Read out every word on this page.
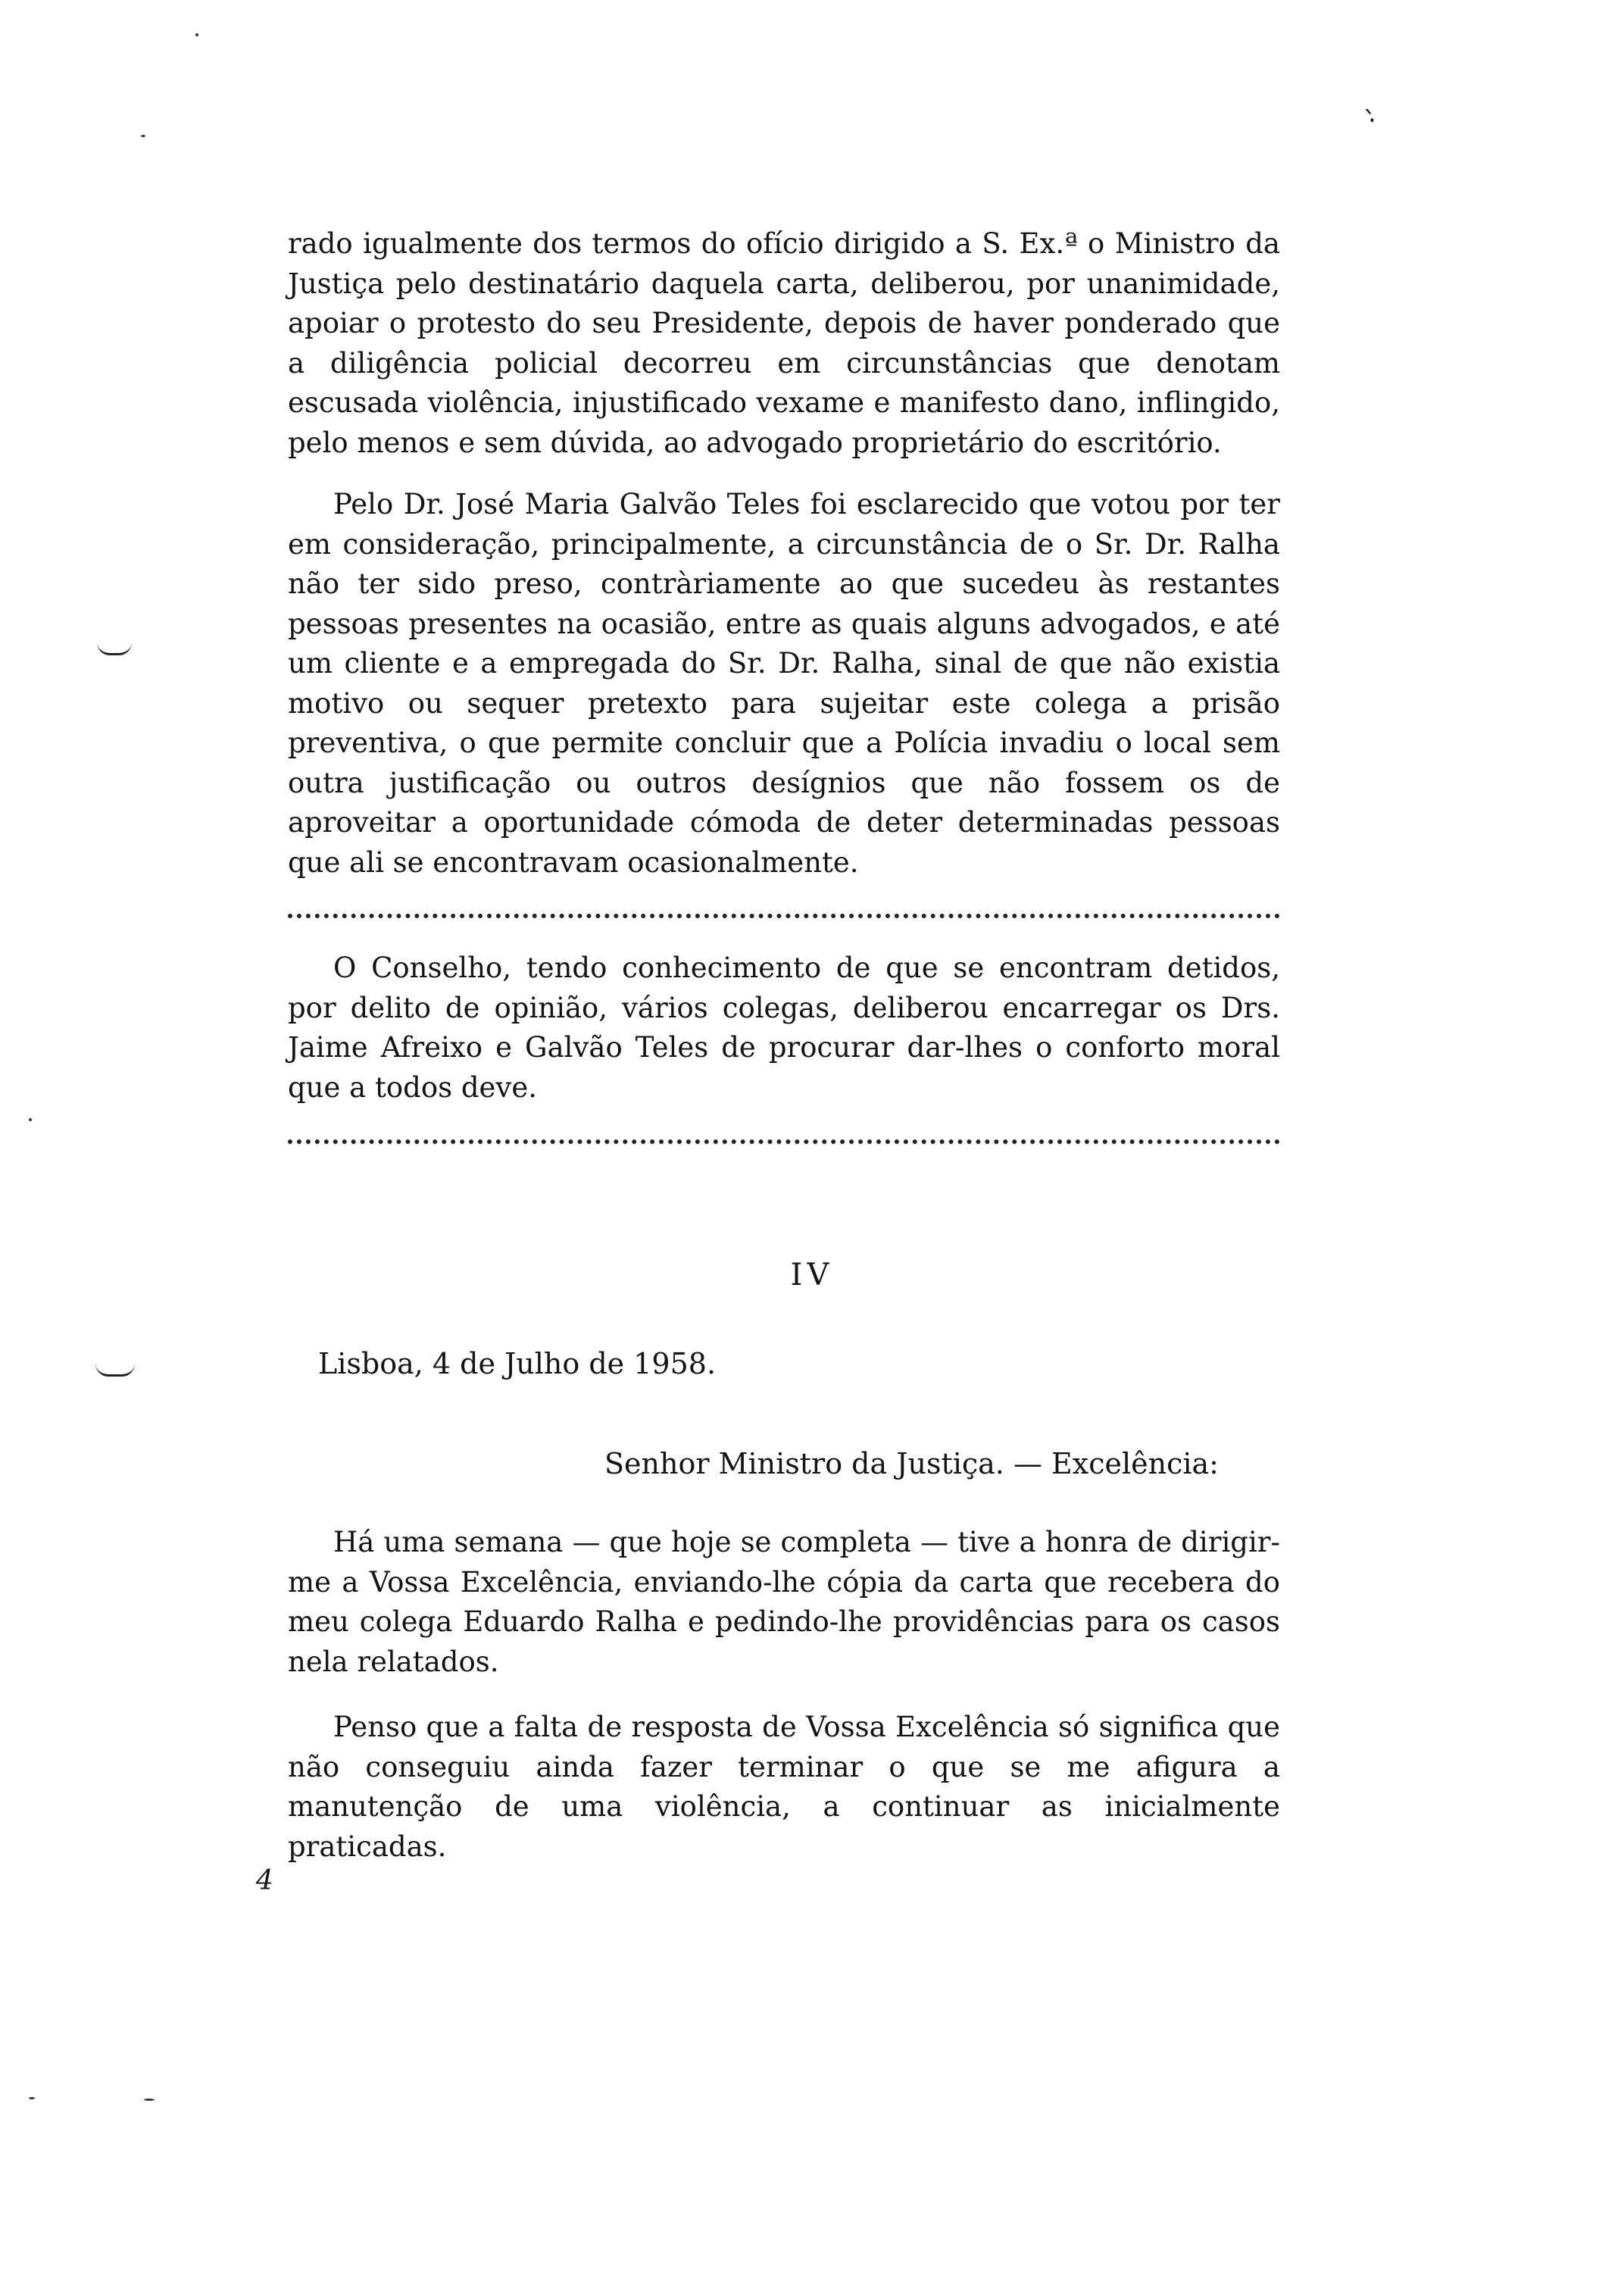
‧̀

rado igualmente dos termos do ofício dirigido a S. Ex.ª o Ministro da Justiça pelo destinatário daquela carta, deliberou, por unanimidade, apoiar o protesto do seu Presidente, depois de haver ponderado que a diligência policial decorreu em circunstâncias que denotam escusada violência, injustificado vexame e manifesto dano, inflingido, pelo menos e sem dúvida, ao advogado proprietário do escritório.

Pelo Dr. José Maria Galvão Teles foi esclarecido que votou por ter em consideração, principalmente, a circunstância de o Sr. Dr. Ralha não ter sido preso, contràriamente ao que sucedeu às restantes pessoas presentes na ocasião, entre as quais alguns advogados, e até um cliente e a empregada do Sr. Dr. Ralha, sinal de que não existia motivo ou sequer pretexto para sujeitar este colega a prisão preventiva, o que permite concluir que a Polícia invadiu o local sem outra justificação ou outros desígnios que não fossem os de aproveitar a oportunidade cómoda de deter determinadas pessoas que ali se encontravam ocasionalmente.

O Conselho, tendo conhecimento de que se encontram detidos, por delito de opinião, vários colegas, deliberou encarregar os Drs. Jaime Afreixo e Galvão Teles de procurar dar-lhes o conforto moral que a todos deve.

IV
Lisboa, 4 de Julho de 1958.
Senhor Ministro da Justiça. — Excelência:

Há uma semana — que hoje se completa — tive a honra de dirigir-me a Vossa Excelência, enviando-lhe cópia da carta que recebera do meu colega Eduardo Ralha e pedindo-lhe providências para os casos nela relatados.

Penso que a falta de resposta de Vossa Excelência só significa que não conseguiu ainda fazer terminar o que se me afigura a manutenção de uma violência, a continuar as inicialmente praticadas.

4
